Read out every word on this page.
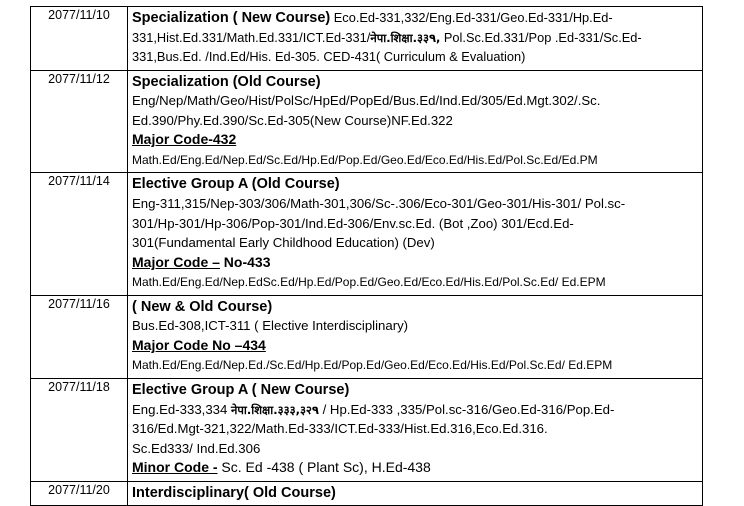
2077/11/10	Specialization ( New Course) Eco.Ed-331,332/Eng.Ed-331/Geo.Ed-331/Hp.Ed-
331,Hist.Ed.331/Math.Ed.331/ICT.Ed-331/नेपा.शिक्षा.३३٩, Pol.Sc.Ed.331/Pop .Ed-331/Sc.Ed-
331,Bus.Ed. /Ind.Ed/His. Ed-305. CED-431( Curriculum & Evaluation)

2077/11/12	Specialization (Old Course)
Eng/Nep/Math/Geo/Hist/PolSc/HpEd/PopEd/Bus.Ed/Ind.Ed/305/Ed.Mgt.302/.Sc.
Ed.390/Phy.Ed.390/Sc.Ed-305(New Course)NF.Ed.322
Major Code-432
Math.Ed/Eng.Ed/Nep.Ed/Sc.Ed/Hp.Ed/Pop.Ed/Geo.Ed/Eco.Ed/His.Ed/Pol.Sc.Ed/Ed.PM

2077/11/14	Elective Group A (Old Course)
Eng-311,315/Nep-303/306/Math-301,306/Sc-.306/Eco-301/Geo-301/His-301/ Pol.sc-
301/Hp-301/Hp-306/Pop-301/Ind.Ed-306/Env.sc.Ed. (Bot ,Zoo) 301/Ecd.Ed-
301(Fundamental Early Childhood Education) (Dev)
Major Code – No-433
Math.Ed/Eng.Ed/Nep.EdSc.Ed/Hp.Ed/Pop.Ed/Geo.Ed/Eco.Ed/His.Ed/Pol.Sc.Ed/ Ed.EPM

2077/11/16	( New & Old Course)
Bus.Ed-308,ICT-311 ( Elective Interdisciplinary)
Major Code No –434
Math.Ed/Eng.Ed/Nep.Ed./Sc.Ed/Hp.Ed/Pop.Ed/Geo.Ed/Eco.Ed/His.Ed/Pol.Sc.Ed/ Ed.EPM

2077/11/18	Elective Group A ( New Course)
Eng.Ed-333,334 नेपा.शिक्षा.३३३,३२٩ / Hp.Ed-333 ,335/Pol.sc-316/Geo.Ed-316/Pop.Ed-
316/Ed.Mgt-321,322/Math.Ed-333/ICT.Ed-333/Hist.Ed.316,Eco.Ed.316.
Sc.Ed333/ Ind.Ed.306
Minor Code - Sc. Ed -438 ( Plant Sc), H.Ed-438

2077/11/20	Interdisciplinary( Old Course)
